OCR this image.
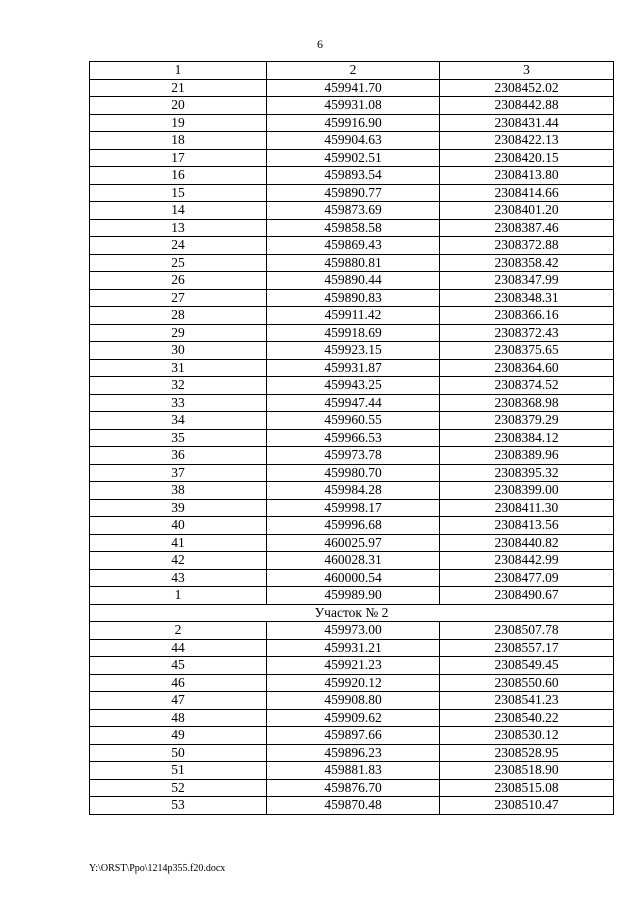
6
1	2	3
21	459941.70	2308452.02
20	459931.08	2308442.88
19	459916.90	2308431.44
18	459904.63	2308422.13
17	459902.51	2308420.15
16	459893.54	2308413.80
15	459890.77	2308414.66
14	459873.69	2308401.20
13	459858.58	2308387.46
24	459869.43	2308372.88
25	459880.81	2308358.42
26	459890.44	2308347.99
27	459890.83	2308348.31
28	459911.42	2308366.16
29	459918.69	2308372.43
30	459923.15	2308375.65
31	459931.87	2308364.60
32	459943.25	2308374.52
33	459947.44	2308368.98
34	459960.55	2308379.29
35	459966.53	2308384.12
36	459973.78	2308389.96
37	459980.70	2308395.32
38	459984.28	2308399.00
39	459998.17	2308411.30
40	459996.68	2308413.56
41	460025.97	2308440.82
42	460028.31	2308442.99
43	460000.54	2308477.09
1	459989.90	2308490.67
Участок № 2		
2	459973.00	2308507.78
44	459931.21	2308557.17
45	459921.23	2308549.45
46	459920.12	2308550.60
47	459908.80	2308541.23
48	459909.62	2308540.22
49	459897.66	2308530.12
50	459896.23	2308528.95
51	459881.83	2308518.90
52	459876.70	2308515.08
53	459870.48	2308510.47
Y:\ORST\Ppo\1214p355.f20.docx
